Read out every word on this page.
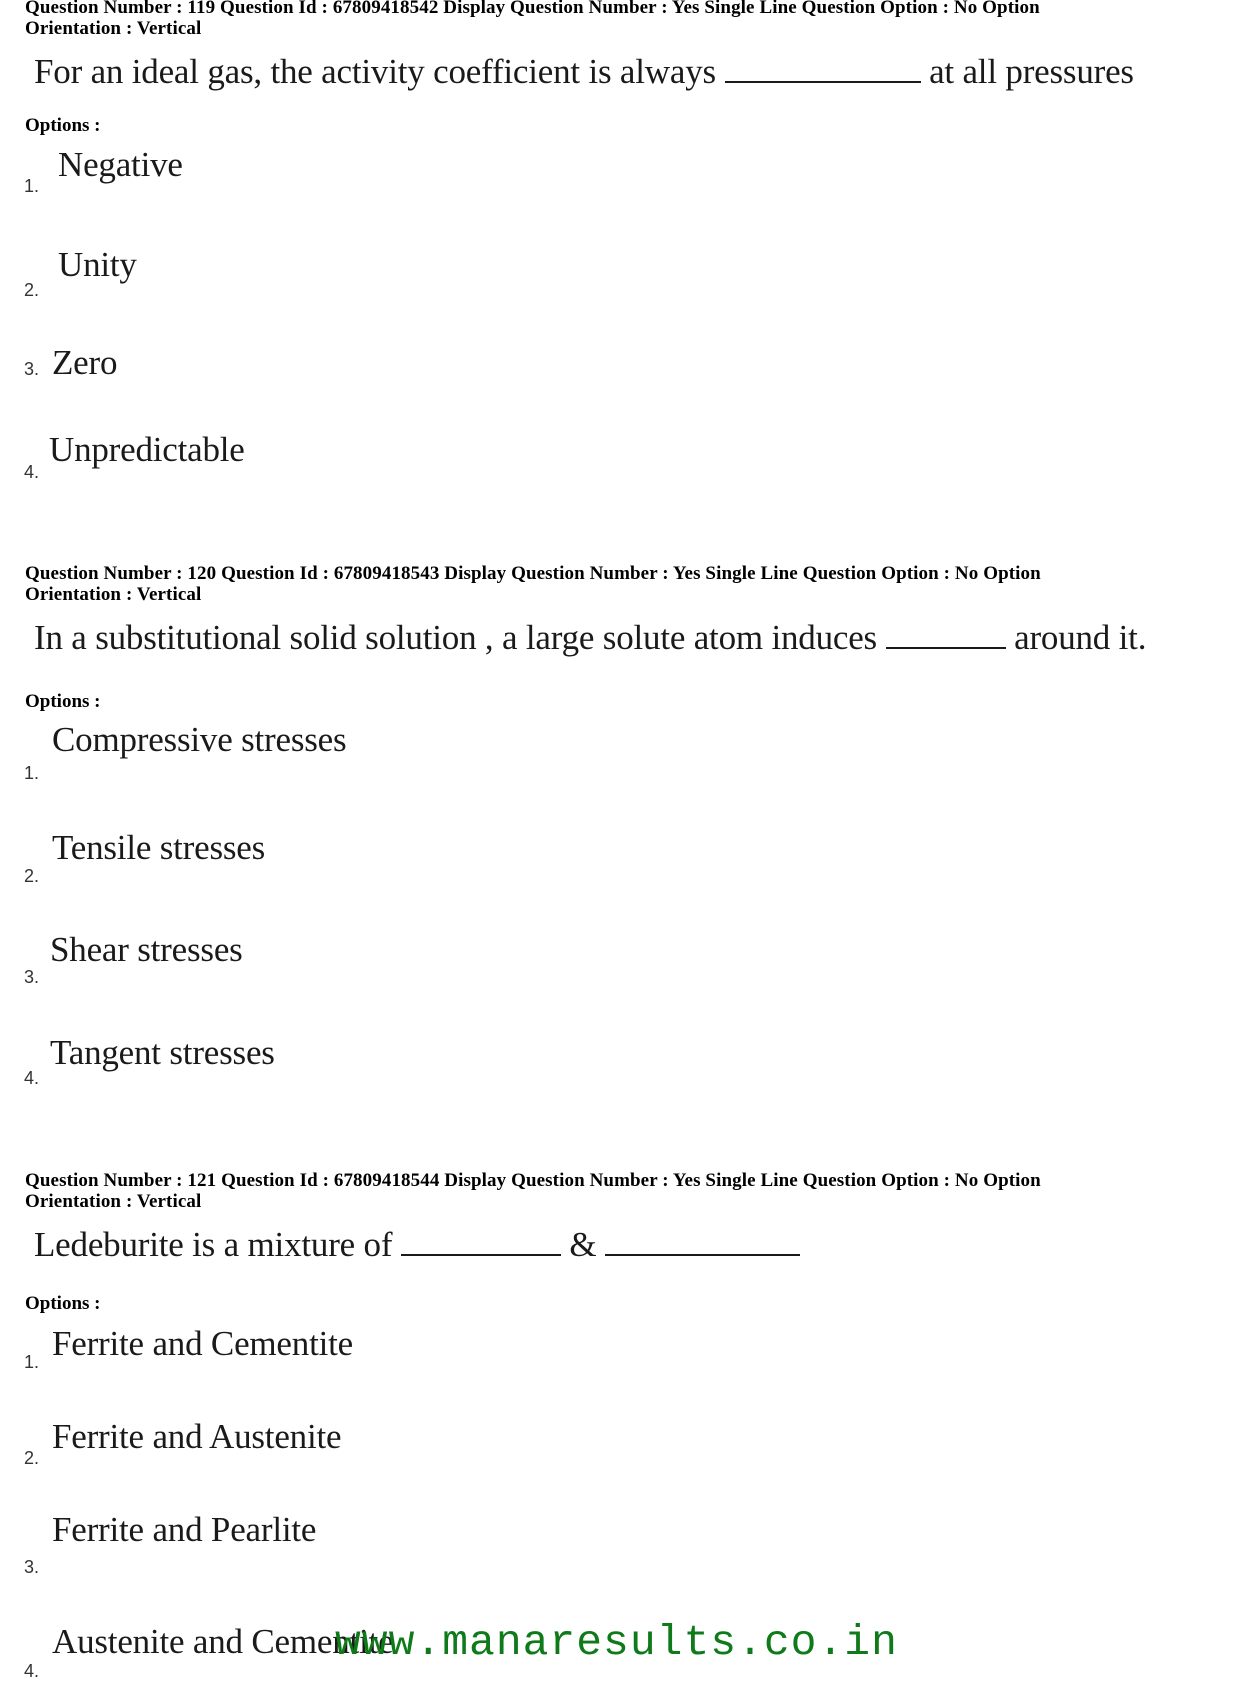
Question Number : 119 Question Id : 67809418542 Display Question Number : Yes Single Line Question Option : No Option
Orientation : Vertical
For an ideal gas, the activity coefficient is always	at all pressures
Options :
1.
Negative
2.
Unity
3. Zero
4.
Unpredictable
Question Number : 120 Question Id : 67809418543 Display Question Number : Yes Single Line Question Option : No Option
Orientation : Vertical
In a substitutional solid solution , a large solute atom induces	around it.
Options :
1.
Compressive stresses
2.
Tensile stresses
3.
Shear stresses
4.
Tangent stresses
Question Number : 121 Question Id : 67809418544 Display Question Number : Yes Single Line Question Option : No Option
Orientation : Vertical
Ledeburite is a mixture of	&
Options :
1. Ferrite and Cementite
2.
Ferrite and Austenite
3.
Ferrite and Pearlite
4.
Austenite and Cementite
www.manaresults.co.in
